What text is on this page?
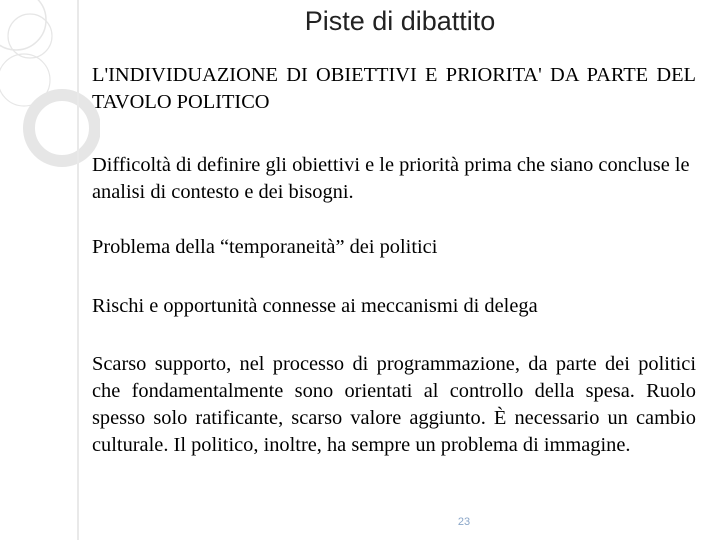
Piste di dibattito

L'INDIVIDUAZIONE DI OBIETTIVI E PRIORITA' DA PARTE DEL TAVOLO POLITICO

Difficoltà di definire gli obiettivi e le priorità prima che siano concluse le analisi di contesto e dei bisogni.

Problema della “temporaneità” dei politici

Rischi e opportunità connesse ai meccanismi di delega

Scarso supporto, nel processo di programmazione, da parte dei politici che fondamentalmente sono orientati al controllo della spesa. Ruolo spesso solo ratificante, scarso valore aggiunto. È necessario un cambio culturale. Il politico, inoltre, ha sempre un problema di immagine.

23
